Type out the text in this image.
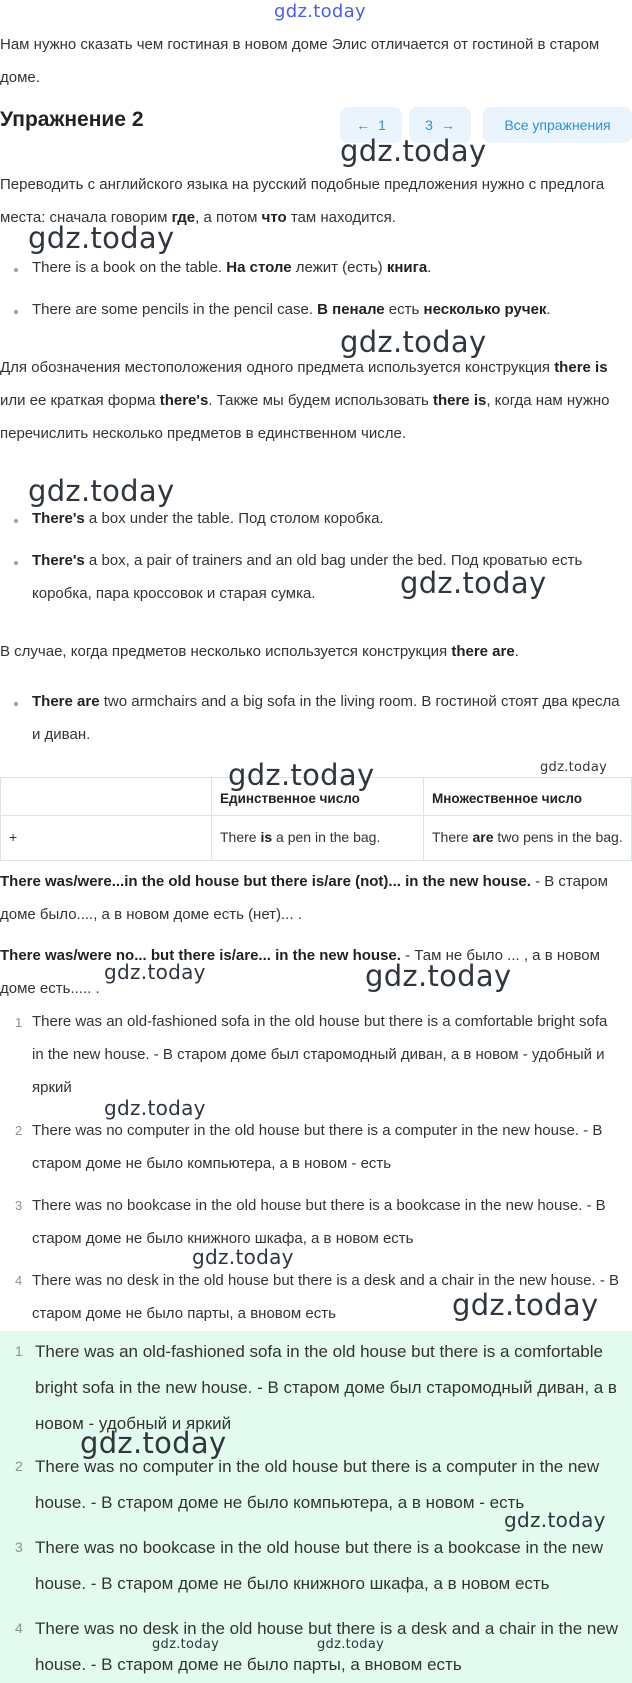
gdz.today

Нам нужно сказать чем гостиная в новом доме Элис отличается от гостиной в старом доме.

Упражнение 2	← 1	3 →	Все упражнения

Переводить с английского языка на русский подобные предложения нужно с предлога места: сначала говорим где, а потом что там находится.

There is a book on the table. На столе лежит (есть) книга.
There are some pencils in the pencil case. В пенале есть несколько ручек.

Для обозначения местоположения одного предмета используется конструкция there is или ее краткая форма there's. Также мы будем использовать there is, когда нам нужно перечислить несколько предметов в единственном числе.

There's a box under the table. Под столом коробка.
There's a box, a pair of trainers and an old bag under the bed. Под кроватью есть коробка, пара кроссовок и старая сумка.

В случае, когда предметов несколько используется конструкция there are.

There are two armchairs and a big sofa in the living room. В гостиной стоят два кресла и диван.

	Единственное число	Множественное число

+	There is a pen in the bag.	There are two pens in the bag.

There was/were...in the old house but there is/are (not)... in the new house. - В старом доме было...., а в новом доме есть (нет)... .

There was/were no... but there is/are... in the new house. - Там не было ... , а в новом доме есть..... .

1 There was an old-fashioned sofa in the old house but there is a comfortable bright sofa in the new house. - В старом доме был старомодный диван, а в новом - удобный и яркий
2 There was no computer in the old house but there is a computer in the new house. - В старом доме не было компьютера, а в новом - есть
3 There was no bookcase in the old house but there is a bookcase in the new house. - В старом доме не было книжного шкафа, а в новом есть
4 There was no desk in the old house but there is a desk and a chair in the new house. - В старом доме не было парты, а вновом есть
1 There was an old-fashioned sofa in the old house but there is a comfortable bright sofa in the new house. - В старом доме был старомодный диван, а в новом - удобный и яркий
2 There was no computer in the old house but there is a computer in the new house. - В старом доме не было компьютера, а в новом - есть
3 There was no bookcase in the old house but there is a bookcase in the new house. - В старом доме не было книжного шкафа, а в новом есть
4 There was no desk in the old house but there is a desk and a chair in the new house. - В старом доме не было парты, а вновом есть
gdz.today
gdz.today
gdz.today
gdz.today
gdz.today
gdz.today	gdz.today
gdz.today	gdz.today
gdz.today
gdz.today
gdz.today
gdz.today
gdz.today
gdz.today	gdz.today
